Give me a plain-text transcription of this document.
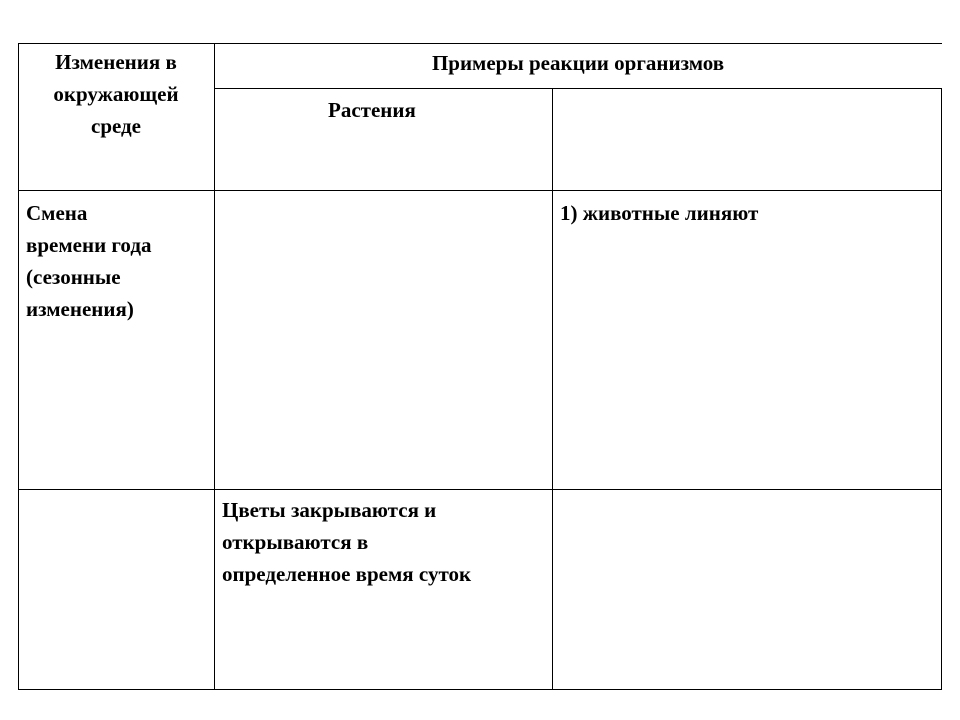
Изменения в
окружающей
среде
Примеры реакции организмов
Растения
Смена
времени года
(сезонные
изменения)
1) животные линяют
Цветы закрываются и
открываются в
определенное время суток
